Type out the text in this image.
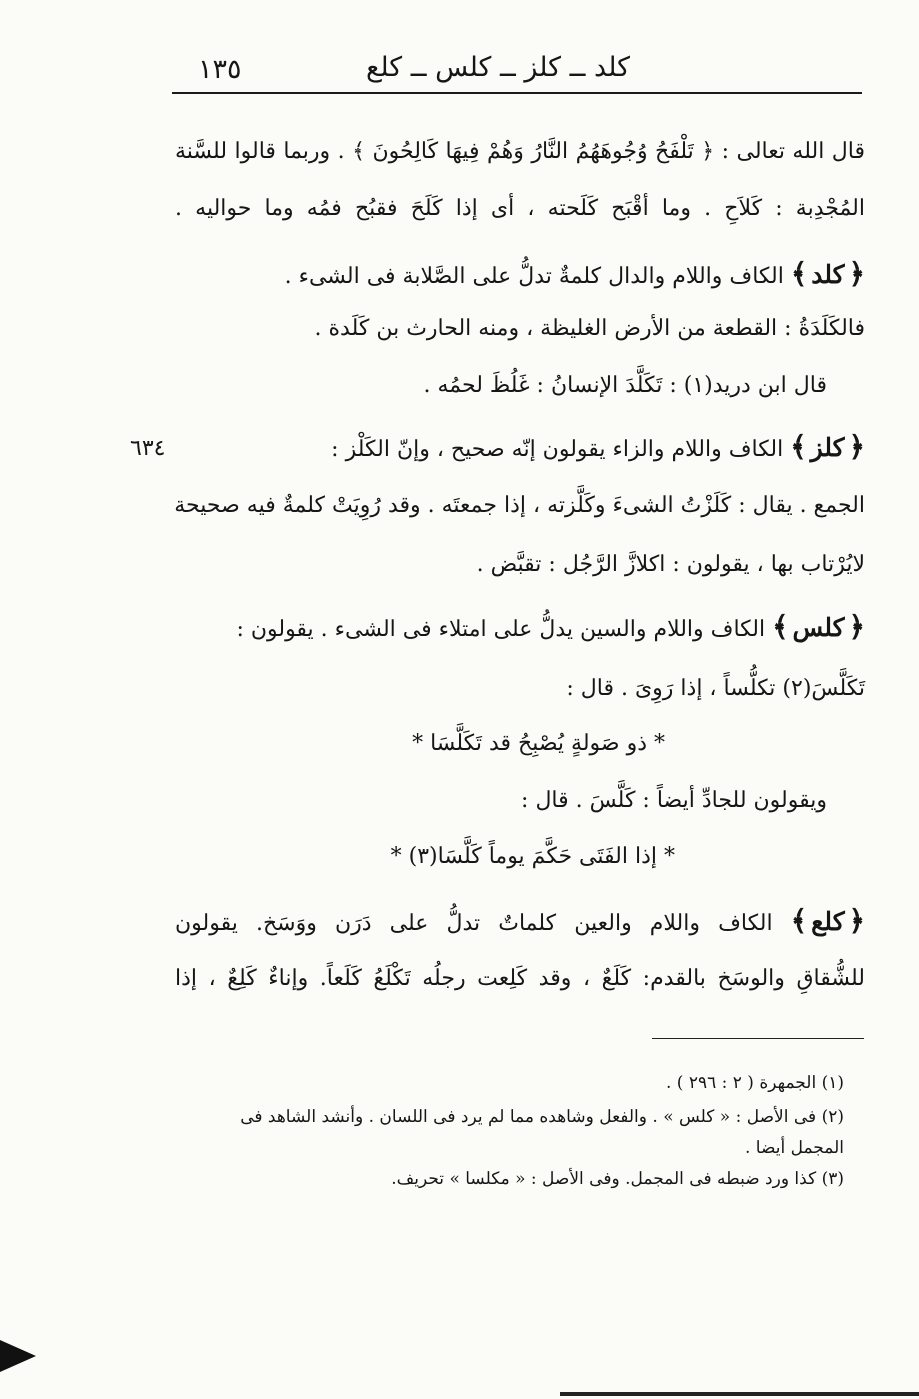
كلد ــ كلز ــ كلس ــ كلع
١٣٥
٦٣٤
قال الله تعالى : ﴿ تَلْفَحُ وُجُوهَهُمُ النَّارُ وَهُمْ فِيهَا كَالِحُونَ ﴾ . وربما قالوا للسَّنة
المُجْدِبة : كَلاَحِ . وما أقْبَح كَلَحته ، أى إذا كَلَحَ فقبُح فمُه وما حواليه .
﴿كلد﴾ الكاف واللام والدال كلمةٌ تدلُّ على الصَّلابة فى الشىء .
فالكَلَدَةُ : القطعة من الأرض الغليظة ، ومنه الحارث بن كَلَدة .
قال ابن دريد(١) : تَكَلَّدَ الإنسانُ : غَلُظَ لحمُه .
﴿كلز﴾ الكاف واللام والزاء يقولون إنّه صحيح ، وإنّ الكَلْز :
الجمع . يقال : كَلَزْتُ الشىءَ وكَلَّزته ، إذا جمعتَه . وقد رُوِيَتْ كلمةٌ فيه صحيحة
لايُرْتاب بها ، يقولون : اكلازَّ الرَّجُل : تقبَّض .
﴿كلس﴾ الكاف واللام والسين يدلُّ على امتلاء فى الشىء . يقولون :
تَكَلَّسَ(٢) تكلُّساً ، إذا رَوِىَ . قال :
* ذو صَولةٍ يُصْبِحُ قد تَكَلَّسَا *
ويقولون للجادِّ أيضاً : كَلَّسَ . قال :
* إذا الفَتَى حَكَّمَ يوماً كَلَّسَا(٣) *
﴿كلع﴾ الكاف واللام والعين كلماتٌ تدلُّ على دَرَن ووَسَخ. يقولون
للشُّقاقِ والوسَخ بالقدم: كَلَعٌ ، وقد كَلِعت رجلُه تَكْلَعُ كَلَعاً. وإناءٌ كَلِعٌ ، إذا
(١) الجمهرة ( ٢ : ٢٩٦ ) .
(٢) فى الأصل : « كلس » . والفعل وشاهده مما لم يرد فى اللسان . وأنشد الشاهد فى
المجمل أيضا .
(٣) كذا ورد ضبطه فى المجمل. وفى الأصل : « مكلسا » تحريف.
